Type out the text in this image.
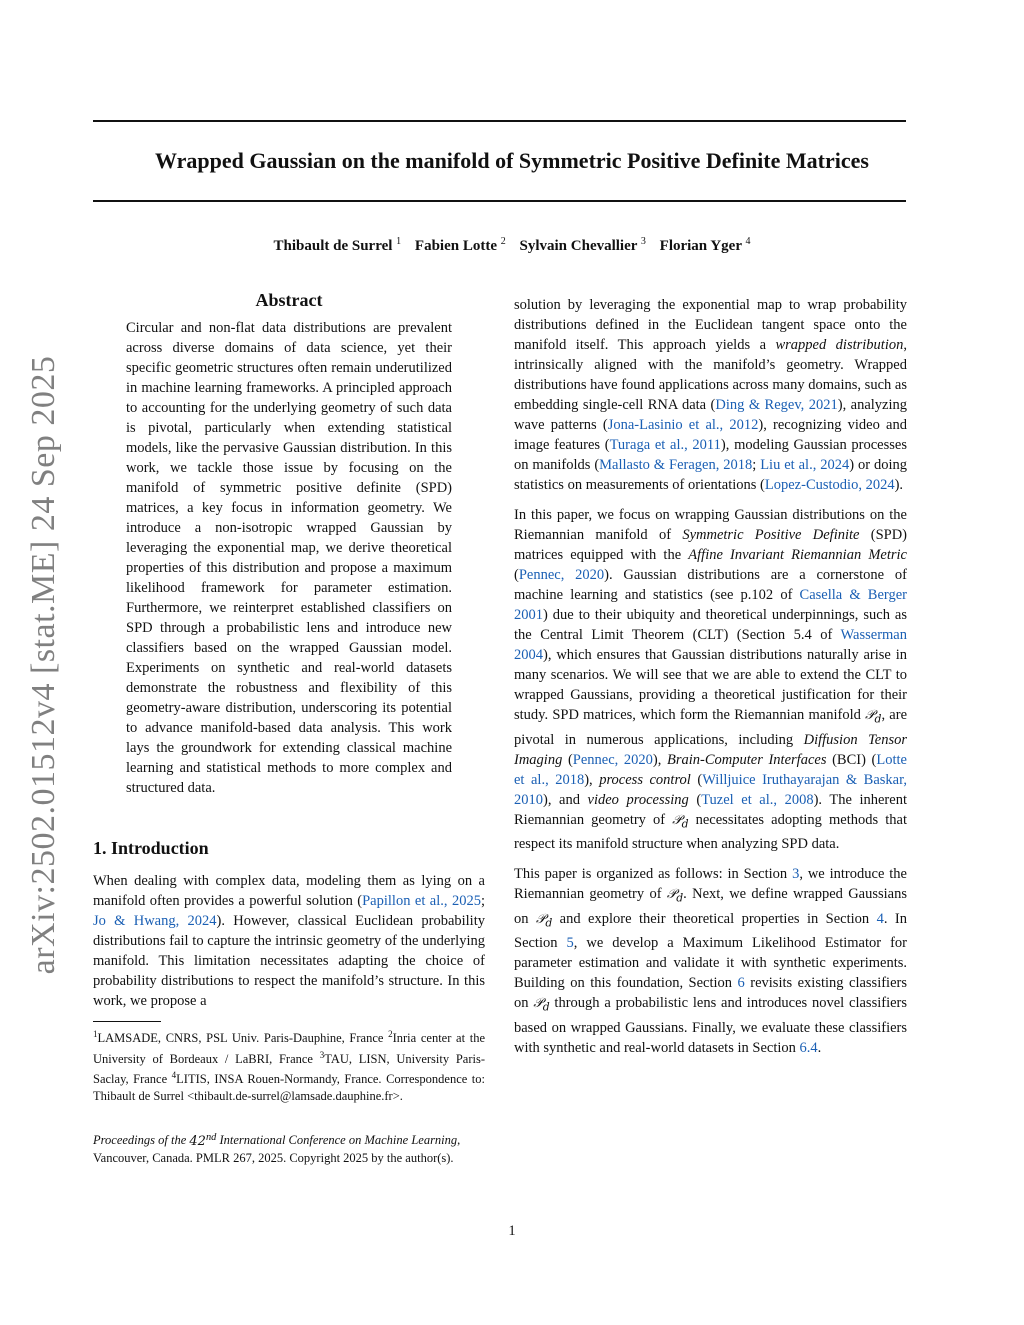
Wrapped Gaussian on the manifold of Symmetric Positive Definite Matrices
Thibault de Surrel $^1$ Fabien Lotte $^2$ Sylvain Chevallier $^3$ Florian Yger $^4$
arXiv:2502.01512v4 [stat.ME] 24 Sep 2025
Abstract
Circular and non-flat data distributions are prevalent across diverse domains of data science, yet their specific geometric structures often remain underutilized in machine learning frameworks. A principled approach to accounting for the underlying geometry of such data is pivotal, particularly when extending statistical models, like the pervasive Gaussian distribution. In this work, we tackle those issue by focusing on the manifold of symmetric positive definite (SPD) matrices, a key focus in information geometry. We introduce a non-isotropic wrapped Gaussian by leveraging the exponential map, we derive theoretical properties of this distribution and propose a maximum likelihood framework for parameter estimation. Furthermore, we reinterpret established classifiers on SPD through a probabilistic lens and introduce new classifiers based on the wrapped Gaussian model. Experiments on synthetic and real-world datasets demonstrate the robustness and flexibility of this geometry-aware distribution, underscoring its potential to advance manifold-based data analysis. This work lays the groundwork for extending classical machine learning and statistical methods to more complex and structured data.
1. Introduction

When dealing with complex data, modeling them as lying on a manifold often provides a powerful solution (Papillon et al., 2025; Jo & Hwang, 2024). However, classical Euclidean probability distributions fail to capture the intrinsic geometry of the underlying manifold. This limitation necessitates adapting the choice of probability distributions to respect the manifold’s structure. In this work, we propose a

$^1$LAMSADE, CNRS, PSL Univ. Paris-Dauphine, France $^2$Inria center at the University of Bordeaux / LaBRI, France $^3$TAU, LISN, University Paris-Saclay, France $^4$LITIS, INSA Rouen-Normandy, France. Correspondence to: Thibault de Surrel <thibault.de-surrel@lamsade.dauphine.fr>.
Proceedings of the 42nd International Conference on Machine Learning, Vancouver, Canada. PMLR 267, 2025. Copyright 2025 by the author(s).

solution by leveraging the exponential map to wrap probability distributions defined in the Euclidean tangent space onto the manifold itself. This approach yields a wrapped distribution, intrinsically aligned with the manifold’s geometry. Wrapped distributions have found applications across many domains, such as embedding single-cell RNA data (Ding & Regev, 2021), analyzing wave patterns (Jona-Lasinio et al., 2012), recognizing video and image features (Turaga et al., 2011), modeling Gaussian processes on manifolds (Mallasto & Feragen, 2018; Liu et al., 2024) or doing statistics on measurements of orientations (Lopez-Custodio, 2024).

In this paper, we focus on wrapping Gaussian distributions on the Riemannian manifold of Symmetric Positive Definite (SPD) matrices equipped with the Affine Invariant Riemannian Metric (Pennec, 2020). Gaussian distributions are a cornerstone of machine learning and statistics (see p.102 of Casella & Berger 2001) due to their ubiquity and theoretical underpinnings, such as the Central Limit Theorem (CLT) (Section 5.4 of Wasserman 2004), which ensures that Gaussian distributions naturally arise in many scenarios. We will see that we are able to extend the CLT to wrapped Gaussians, providing a theoretical justification for their study. SPD matrices, which form the Riemannian manifold 𝒫$_d$, are pivotal in numerous applications, including Diffusion Tensor Imaging (Pennec, 2020), Brain-Computer Interfaces (BCI) (Lotte et al., 2018), process control (Willjuice Iruthayarajan & Baskar, 2010), and video processing (Tuzel et al., 2008). The inherent Riemannian geometry of 𝒫$_d$ necessitates adopting methods that respect its manifold structure when analyzing SPD data.

This paper is organized as follows: in Section 3, we introduce the Riemannian geometry of 𝒫$_d$. Next, we define wrapped Gaussians on 𝒫$_d$ and explore their theoretical properties in Section 4. In Section 5, we develop a Maximum Likelihood Estimator for parameter estimation and validate it with synthetic experiments. Building on this foundation, Section 6 revisits existing classifiers on 𝒫$_d$ through a probabilistic lens and introduces novel classifiers based on wrapped Gaussians. Finally, we evaluate these classifiers with synthetic and real-world datasets in Section 6.4.

1
